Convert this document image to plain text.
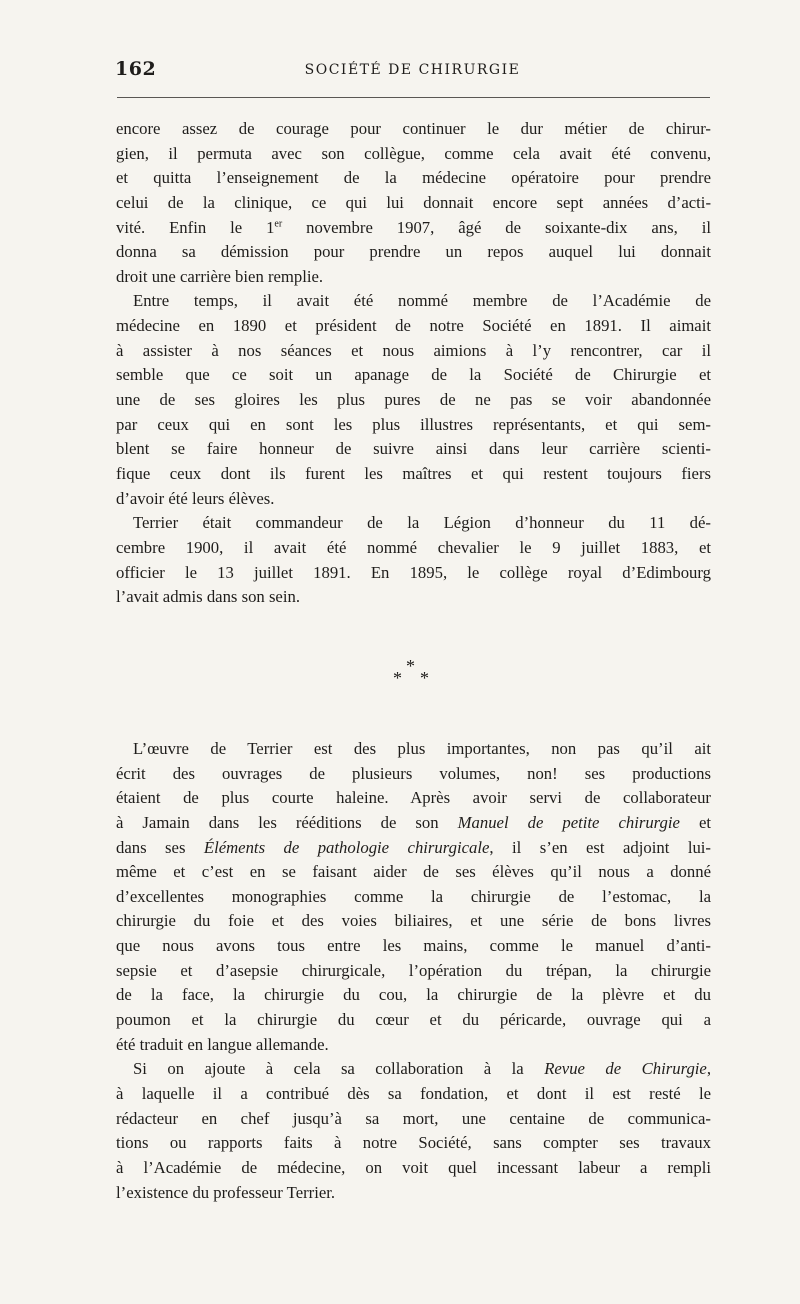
162	SOCIÉTÉ DE CHIRURGIE
encore assez de courage pour continuer le dur métier de chirur-
gien, il permuta avec son collègue, comme cela avait été convenu,
et quitta l’enseignement de la médecine opératoire pour prendre
celui de la clinique, ce qui lui donnait encore sept années d’acti-
vité. Enfin le 1er novembre 1907, âgé de soixante-dix ans, il
donna sa démission pour prendre un repos auquel lui donnait
droit une carrière bien remplie.
Entre temps, il avait été nommé membre de l’Académie de
médecine en 1890 et président de notre Société en 1891. Il aimait
à assister à nos séances et nous aimions à l’y rencontrer, car il
semble que ce soit un apanage de la Société de Chirurgie et
une de ses gloires les plus pures de ne pas se voir abandonnée
par ceux qui en sont les plus illustres représentants, et qui sem-
blent se faire honneur de suivre ainsi dans leur carrière scienti-
fique ceux dont ils furent les maîtres et qui restent toujours fiers
d’avoir été leurs élèves.
Terrier était commandeur de la Légion d’honneur du 11 dé-
cembre 1900, il avait été nommé chevalier le 9 juillet 1883, et
officier le 13 juillet 1891. En 1895, le collège royal d’Edimbourg
l’avait admis dans son sein.
*
* *
L’œuvre de Terrier est des plus importantes, non pas qu’il ait
écrit des ouvrages de plusieurs volumes, non! ses productions
étaient de plus courte haleine. Après avoir servi de collaborateur
à Jamain dans les rééditions de son Manuel de petite chirurgie et
dans ses Éléments de pathologie chirurgicale, il s’en est adjoint lui-
même et c’est en se faisant aider de ses élèves qu’il nous a donné
d’excellentes monographies comme la chirurgie de l’estomac, la
chirurgie du foie et des voies biliaires, et une série de bons livres
que nous avons tous entre les mains, comme le manuel d’anti-
sepsie et d’asepsie chirurgicale, l’opération du trépan, la chirurgie
de la face, la chirurgie du cou, la chirurgie de la plèvre et du
poumon et la chirurgie du cœur et du péricarde, ouvrage qui a
été traduit en langue allemande.
Si on ajoute à cela sa collaboration à la Revue de Chirurgie,
à laquelle il a contribué dès sa fondation, et dont il est resté le
rédacteur en chef jusqu’à sa mort, une centaine de communica-
tions ou rapports faits à notre Société, sans compter ses travaux
à l’Académie de médecine, on voit quel incessant labeur a rempli
l’existence du professeur Terrier.
